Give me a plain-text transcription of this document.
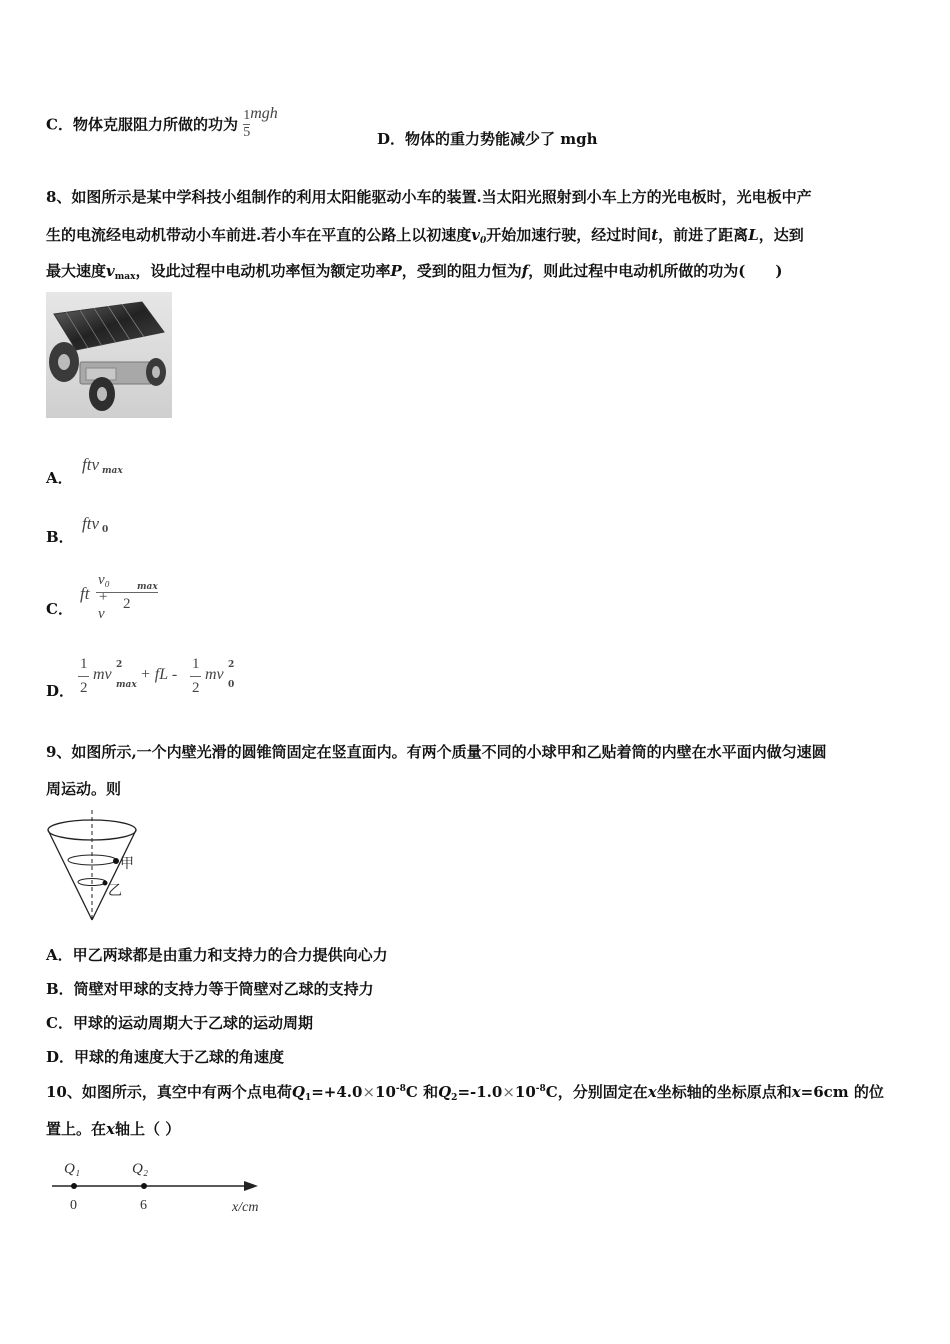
C．物体克服阻力所做的功为 $\frac{1}{5}$ mgh
D．物体的重力势能减少了 mgh
8、如图所示是某中学科技小组制作的利用太阳能驱动小车的装置.当太阳光照射到小车上方的光电板时，光电板中产
生的电流经电动机带动小车前进.若小车在平直的公路上以初速度$v_0$开始加速行驶，经过时间t，前进了距离L，达到
最大速度$v_{max}$，设此过程中电动机功率恒为额定功率P，受到的阻力恒为f，则此过程中电动机所做的功为(　　)
A．
ftv max
B．
ftv 0
C．
ft
v₀ + v
max
2
D．
1
2
mv
2
max
+ fL -
1
2
mv
2
0
9、如图所示,一个内壁光滑的圆锥筒固定在竖直面内。有两个质量不同的小球甲和乙贴着筒的内壁在水平面内做匀速圆
周运动。则
甲
乙
A．甲乙两球都是由重力和支持力的合力提供向心力
B．筒壁对甲球的支持力等于筒壁对乙球的支持力
C．甲球的运动周期大于乙球的运动周期
D．甲球的角速度大于乙球的角速度
10、如图所示，真空中有两个点电荷$Q_1=+4.0\times 10^{-8}C$ 和$Q_2=-1.0\times 10^{-8}C$，分别固定在x坐标轴的坐标原点和x=6cm 的位
置上。在x轴上（ ）
Q₁	Q₂
0	6	x/cm
